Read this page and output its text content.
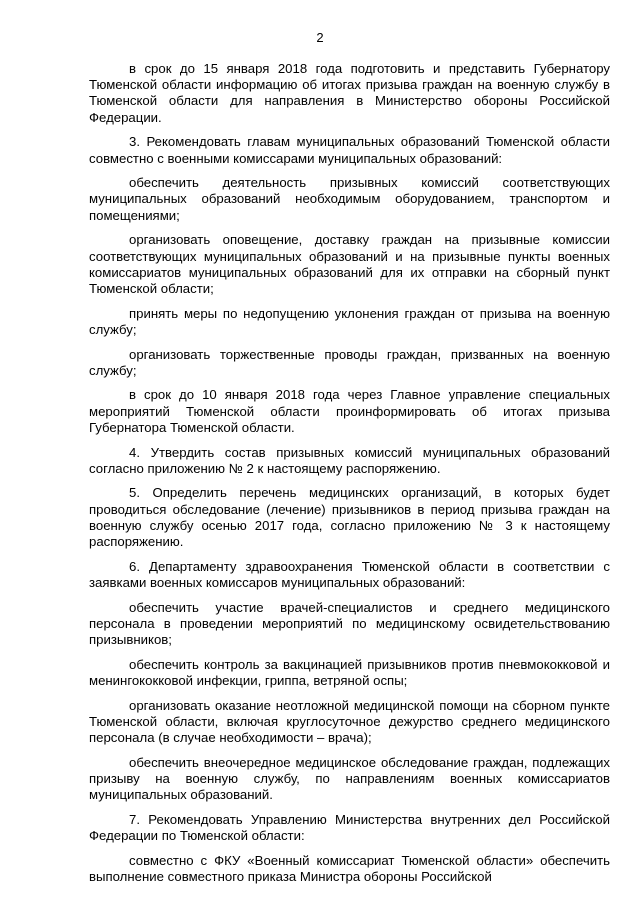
2

в срок до 15 января 2018 года подготовить и представить Губернатору Тюменской области информацию об итогах призыва граждан на военную службу в Тюменской области для направления в Министерство обороны Российской Федерации.

3. Рекомендовать главам муниципальных образований Тюменской области совместно с военными комиссарами муниципальных образований:

обеспечить деятельность призывных комиссий соответствующих муниципальных образований необходимым оборудованием, транспортом и помещениями;

организовать оповещение, доставку граждан на призывные комиссии соответствующих муниципальных образований и на призывные пункты военных комиссариатов муниципальных образований для их отправки на сборный пункт Тюменской области;

принять меры по недопущению уклонения граждан от призыва на военную службу;

организовать торжественные проводы граждан, призванных на военную службу;

в срок до 10 января 2018 года через Главное управление специальных мероприятий Тюменской области проинформировать об итогах призыва Губернатора Тюменской области.

4. Утвердить состав призывных комиссий муниципальных образований согласно приложению № 2 к настоящему распоряжению.

5. Определить перечень медицинских организаций, в которых будет проводиться обследование (лечение) призывников в период призыва граждан на военную службу осенью 2017 года, согласно приложению № 3 к настоящему распоряжению.

6. Департаменту здравоохранения Тюменской области в соответствии с заявками военных комиссаров муниципальных образований:

обеспечить участие врачей-специалистов и среднего медицинского персонала в проведении мероприятий по медицинскому освидетельствованию призывников;

обеспечить контроль за вакцинацией призывников против пневмококковой и менингококковой инфекции, гриппа, ветряной оспы;

организовать оказание неотложной медицинской помощи на сборном пункте Тюменской области, включая круглосуточное дежурство среднего медицинского персонала (в случае необходимости – врача);

обеспечить внеочередное медицинское обследование граждан, подлежащих призыву на военную службу, по направлениям военных комиссариатов муниципальных образований.

7. Рекомендовать Управлению Министерства внутренних дел Российской Федерации по Тюменской области:

совместно с ФКУ «Военный комиссариат Тюменской области» обеспечить выполнение совместного приказа Министра обороны Российской
